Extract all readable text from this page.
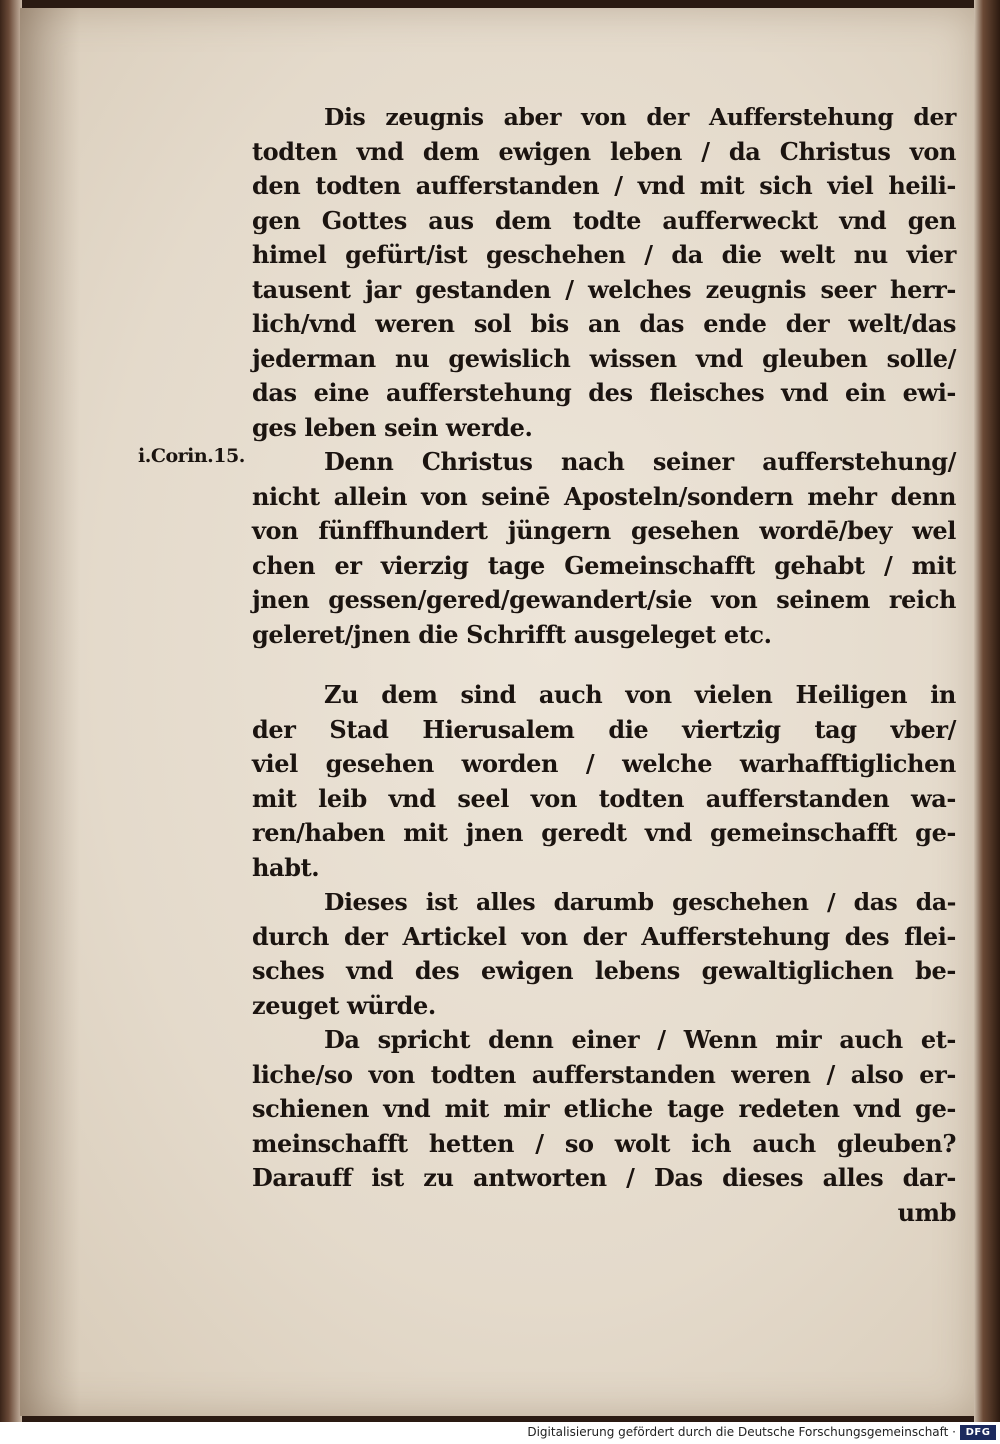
i.Corin.15.
Dis zeugnis aber von der Aufferstehung der
todten vnd dem ewigen leben / da Christus von
den todten aufferstanden / vnd mit sich viel heili-
gen Gottes aus dem todte aufferweckt vnd gen
himel gefürt/ist geschehen / da die welt nu vier
tausent jar gestanden / welches zeugnis seer herr-
lich/vnd weren sol bis an das ende der welt/das
jederman nu gewislich wissen vnd gleuben solle/
das eine aufferstehung des fleisches vnd ein ewi-
ges leben sein werde.
Denn Christus nach seiner aufferstehung/
nicht allein von seinē Aposteln/sondern mehr denn
von fünffhundert jüngern gesehen wordē/bey wel
chen er vierzig tage Gemeinschafft gehabt / mit
jnen gessen/gered/gewandert/sie von seinem reich
geleret/jnen die Schrifft ausgeleget etc.
Zu dem sind auch von vielen Heiligen in
der Stad Hierusalem die viertzig tag vber/
viel gesehen worden / welche warhafftiglichen
mit leib vnd seel von todten aufferstanden wa-
ren/haben mit jnen geredt vnd gemeinschafft ge-
habt.
Dieses ist alles darumb geschehen / das da-
durch der Artickel von der Aufferstehung des flei-
sches vnd des ewigen lebens gewaltiglichen be-
zeuget würde.
Da spricht denn einer / Wenn mir auch et-
liche/so von todten aufferstanden weren / also er-
schienen vnd mit mir etliche tage redeten vnd ge-
meinschafft hetten / so wolt ich auch gleuben?
Darauff ist zu antworten / Das dieses alles dar-
umb
Digitalisierung gefördert durch die Deutsche Forschungsgemeinschaft · DFG
